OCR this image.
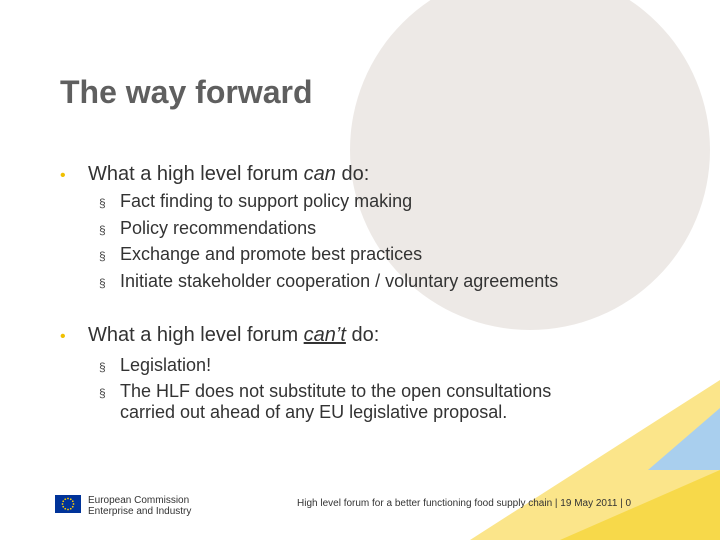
The way forward
• What a high level forum can do:
§ Fact finding to support policy making
§ Policy recommendations
§ Exchange and promote best practices
§ Initiate stakeholder cooperation / voluntary agreements
• What a high level forum can’t do:
§ Legislation!
§ The HLF does not substitute to the open consultations
carried out ahead of any EU legislative proposal.
European Commission
Enterprise and Industry
High level forum for a better functioning food supply chain | 19 May 2011 | 0
